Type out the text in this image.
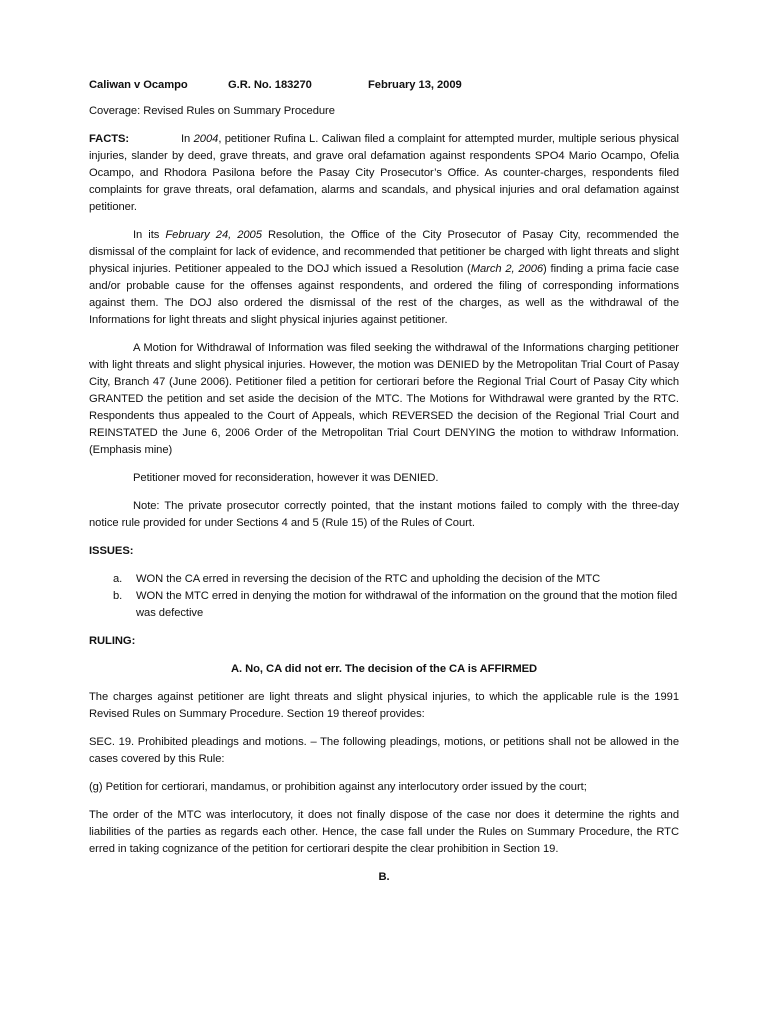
Caliwan v Ocampo	G.R. No. 183270	February 13, 2009

Coverage: Revised Rules on Summary Procedure

FACTS:	In 2004, petitioner Rufina L. Caliwan filed a complaint for attempted murder, multiple serious physical injuries, slander by deed, grave threats, and grave oral defamation against respondents SPO4 Mario Ocampo, Ofelia Ocampo, and Rhodora Pasilona before the Pasay City Prosecutor’s Office. As counter-charges, respondents filed complaints for grave threats, oral defamation, alarms and scandals, and physical injuries and oral defamation against petitioner.

In its February 24, 2005 Resolution, the Office of the City Prosecutor of Pasay City, recommended the dismissal of the complaint for lack of evidence, and recommended that petitioner be charged with light threats and slight physical injuries. Petitioner appealed to the DOJ which issued a Resolution (March 2, 2006) finding a prima facie case and/or probable cause for the offenses against respondents, and ordered the filing of corresponding informations against them. The DOJ also ordered the dismissal of the rest of the charges, as well as the withdrawal of the Informations for light threats and slight physical injuries against petitioner.

A Motion for Withdrawal of Information was filed seeking the withdrawal of the Informations charging petitioner with light threats and slight physical injuries. However, the motion was DENIED by the Metropolitan Trial Court of Pasay City, Branch 47 (June 2006). Petitioner filed a petition for certiorari before the Regional Trial Court of Pasay City which GRANTED the petition and set aside the decision of the MTC. The Motions for Withdrawal were granted by the RTC. Respondents thus appealed to the Court of Appeals, which REVERSED the decision of the Regional Trial Court and REINSTATED the June 6, 2006 Order of the Metropolitan Trial Court DENYING the motion to withdraw Information. (Emphasis mine)

Petitioner moved for reconsideration, however it was DENIED.

Note: The private prosecutor correctly pointed, that the instant motions failed to comply with the three-day notice rule provided for under Sections 4 and 5 (Rule 15) of the Rules of Court.

ISSUES:

a.	WON the CA erred in reversing the decision of the RTC and upholding the decision of the MTC
b.	WON the MTC erred in denying the motion for withdrawal of the information on the ground that the motion filed was defective

RULING:

A. No, CA did not err. The decision of the CA is AFFIRMED

The charges against petitioner are light threats and slight physical injuries, to which the applicable rule is the 1991 Revised Rules on Summary Procedure. Section 19 thereof provides:

SEC. 19. Prohibited pleadings and motions. – The following pleadings, motions, or petitions shall not be allowed in the cases covered by this Rule:

(g) Petition for certiorari, mandamus, or prohibition against any interlocutory order issued by the court;

The order of the MTC was interlocutory, it does not finally dispose of the case nor does it determine the rights and liabilities of the parties as regards each other. Hence, the case fall under the Rules on Summary Procedure, the RTC erred in taking cognizance of the petition for certiorari despite the clear prohibition in Section 19.

B.
